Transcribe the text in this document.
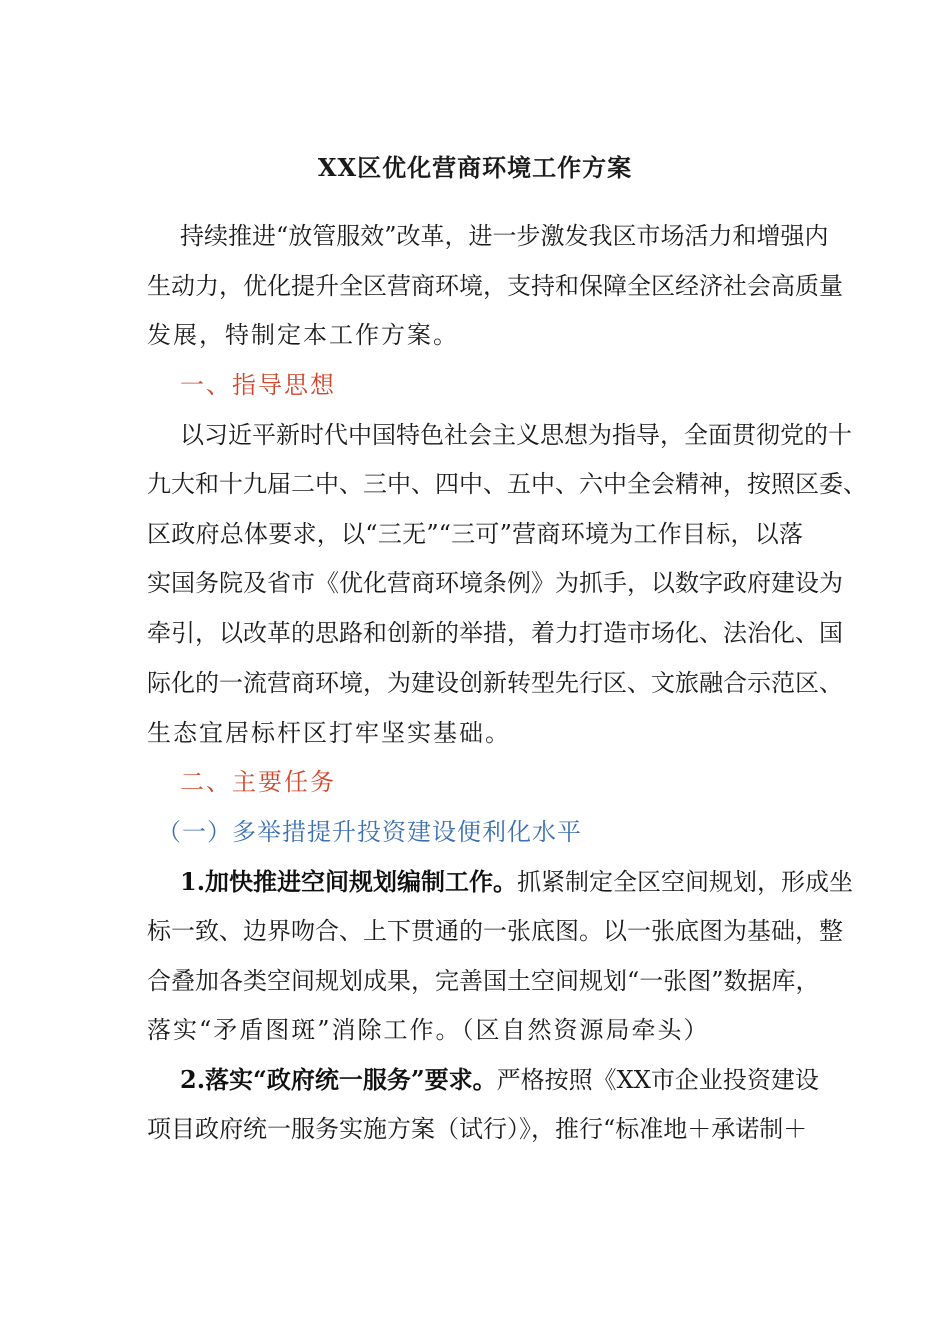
XX区优化营商环境工作方案
持续推进“放管服效”改革，进一步激发我区市场活力和增强内
生动力，优化提升全区营商环境，支持和保障全区经济社会高质量
发展，特制定本工作方案。
一、指导思想
以习近平新时代中国特色社会主义思想为指导，全面贯彻党的十
九大和十九届二中、三中、四中、五中、六中全会精神，按照区委、
区政府总体要求，以“三无”“三可”营商环境为工作目标，以落
实国务院及省市《优化营商环境条例》为抓手，以数字政府建设为
牵引，以改革的思路和创新的举措，着力打造市场化、法治化、国
际化的一流营商环境，为建设创新转型先行区、文旅融合示范区、
生态宜居标杆区打牢坚实基础。
二、主要任务
（一）多举措提升投资建设便利化水平
1.加快推进空间规划编制工作。抓紧制定全区空间规划，形成坐
标一致、边界吻合、上下贯通的一张底图。以一张底图为基础，整
合叠加各类空间规划成果，完善国土空间规划“一张图”数据库，
落实“矛盾图斑”消除工作。（区自然资源局牵头）
2.落实“政府统一服务”要求。严格按照《XX市企业投资建设
项目政府统一服务实施方案（试行）》，推行“标准地＋承诺制＋
